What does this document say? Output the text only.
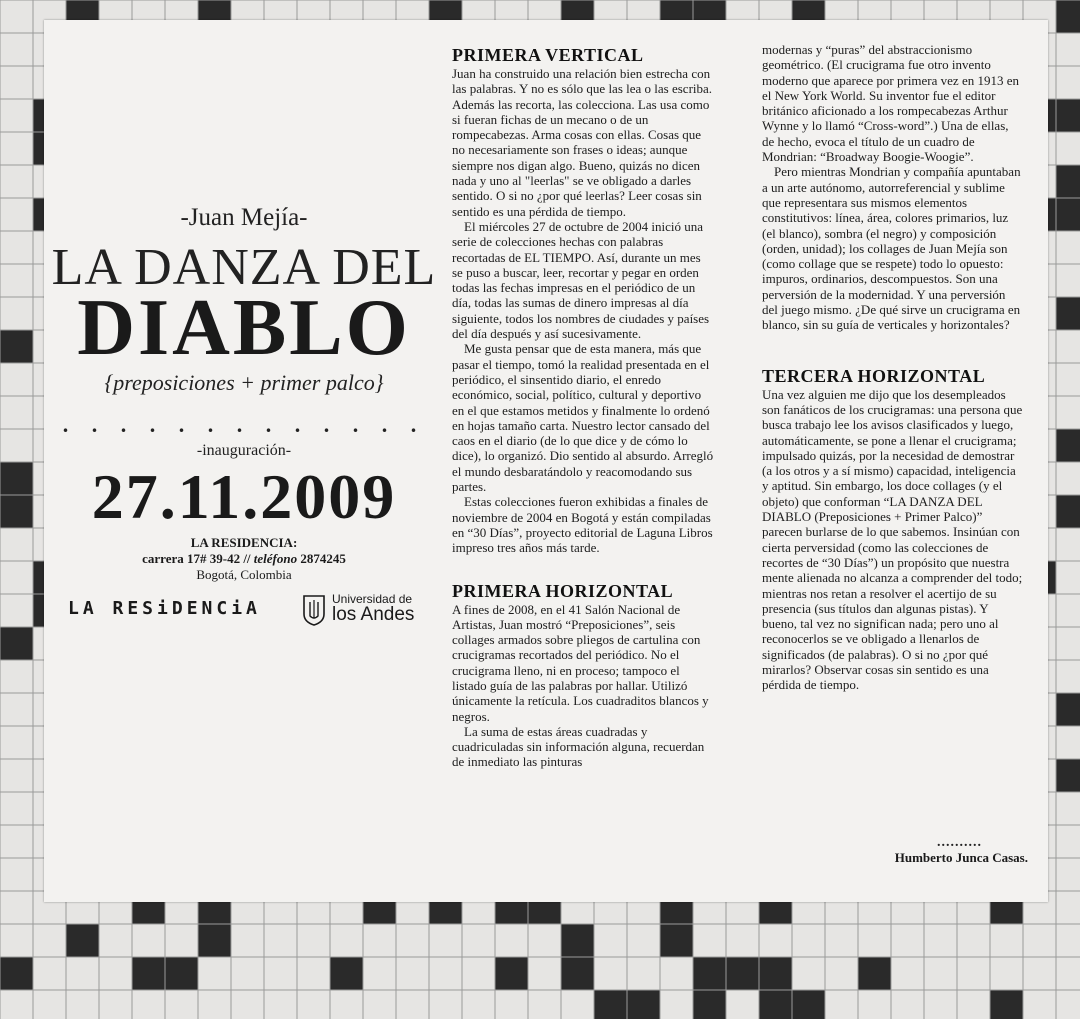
-Juan Mejía-
LA DANZA DEL
DIABLO
{preposiciones + primer palco}
. . . . . . . . . . . . .
-inauguración-
27.11.2009
LA RESIDENCIA:
carrera 17# 39-42 // teléfono 2874245
Bogotá, Colombia
LA RESiDENCiA	Universidad de
los Andes
PRIMERA VERTICAL

Juan ha construido una relación bien estrecha con las palabras. Y no es sólo que las lea o las escriba. Además las recorta, las colecciona. Las usa como si fueran fichas de un mecano o de un rompecabezas. Arma cosas con ellas. Cosas que no necesariamente son frases o ideas; aunque siempre nos digan algo. Bueno, quizás no dicen nada y uno al "leerlas" se ve obligado a darles sentido. O si no ¿por qué leerlas? Leer cosas sin sentido es una pérdida de tiempo.

El miércoles 27 de octubre de 2004 inició una serie de colecciones hechas con palabras recortadas de EL TIEMPO. Así, durante un mes se puso a buscar, leer, recortar y pegar en orden todas las fechas impresas en el periódico de un día, todas las sumas de dinero impresas al día siguiente, todos los nombres de ciudades y países del día después y así sucesivamente.

Me gusta pensar que de esta manera, más que pasar el tiempo, tomó la realidad presentada en el periódico, el sinsentido diario, el enredo económico, social, político, cultural y deportivo en el que estamos metidos y finalmente lo ordenó en hojas tamaño carta. Nuestro lector cansado del caos en el diario (de lo que dice y de cómo lo dice), lo organizó. Dio sentido al absurdo. Arregló el mundo desbaratándolo y reacomodando sus partes.

Estas colecciones fueron exhibidas a finales de noviembre de 2004 en Bogotá y están compiladas en “30 Días”, proyecto editorial de Laguna Libros impreso tres años más tarde.

PRIMERA HORIZONTAL

A fines de 2008, en el 41 Salón Nacional de Artistas, Juan mostró “Preposiciones”, seis collages armados sobre pliegos de cartulina con crucigramas recortados del periódico. No el crucigrama lleno, ni en proceso; tampoco el listado guía de las palabras por hallar. Utilizó únicamente la retícula. Los cuadraditos blancos y negros.

La suma de estas áreas cuadradas y cuadriculadas sin información alguna, recuerdan de inmediato las pinturas

modernas y “puras” del abstraccionismo geométrico. (El crucigrama fue otro invento moderno que aparece por primera vez en 1913 en el New York World. Su inventor fue el editor británico aficionado a los rompecabezas Arthur Wynne y lo llamó “Cross-word”.) Una de ellas, de hecho, evoca el título de un cuadro de Mondrian: “Broadway Boogie-Woogie”.

Pero mientras Mondrian y compañía apuntaban a un arte autónomo, autorreferencial y sublime que representara sus mismos elementos constitutivos: línea, área, colores primarios, luz (el blanco), sombra (el negro) y composición (orden, unidad); los collages de Juan Mejía son (como collage que se respete) todo lo opuesto: impuros, ordinarios, descompuestos. Son una perversión de la modernidad. Y una perversión del juego mismo. ¿De qué sirve un crucigrama en blanco, sin su guía de verticales y horizontales?

TERCERA HORIZONTAL

Una vez alguien me dijo que los desempleados son fanáticos de los crucigramas: una persona que busca trabajo lee los avisos clasificados y luego, automáticamente, se pone a llenar el crucigrama; impulsado quizás, por la necesidad de demostrar (a los otros y a sí mismo) capacidad, inteligencia y aptitud. Sin embargo, los doce collages (y el objeto) que conforman “LA DANZA DEL DIABLO (Preposiciones + Primer Palco)” parecen burlarse de lo que sabemos. Insinúan con cierta perversidad (como las colecciones de recortes de “30 Días”) un propósito que nuestra mente alienada no alcanza a comprender del todo; mientras nos retan a resolver el acertijo de su presencia (sus títulos dan algunas pistas). Y bueno, tal vez no significan nada; pero uno al reconocerlos se ve obligado a llenarlos de significados (de palabras). O si no ¿por qué mirarlos? Observar cosas sin sentido es una pérdida de tiempo.

..........
Humberto Junca Casas.
